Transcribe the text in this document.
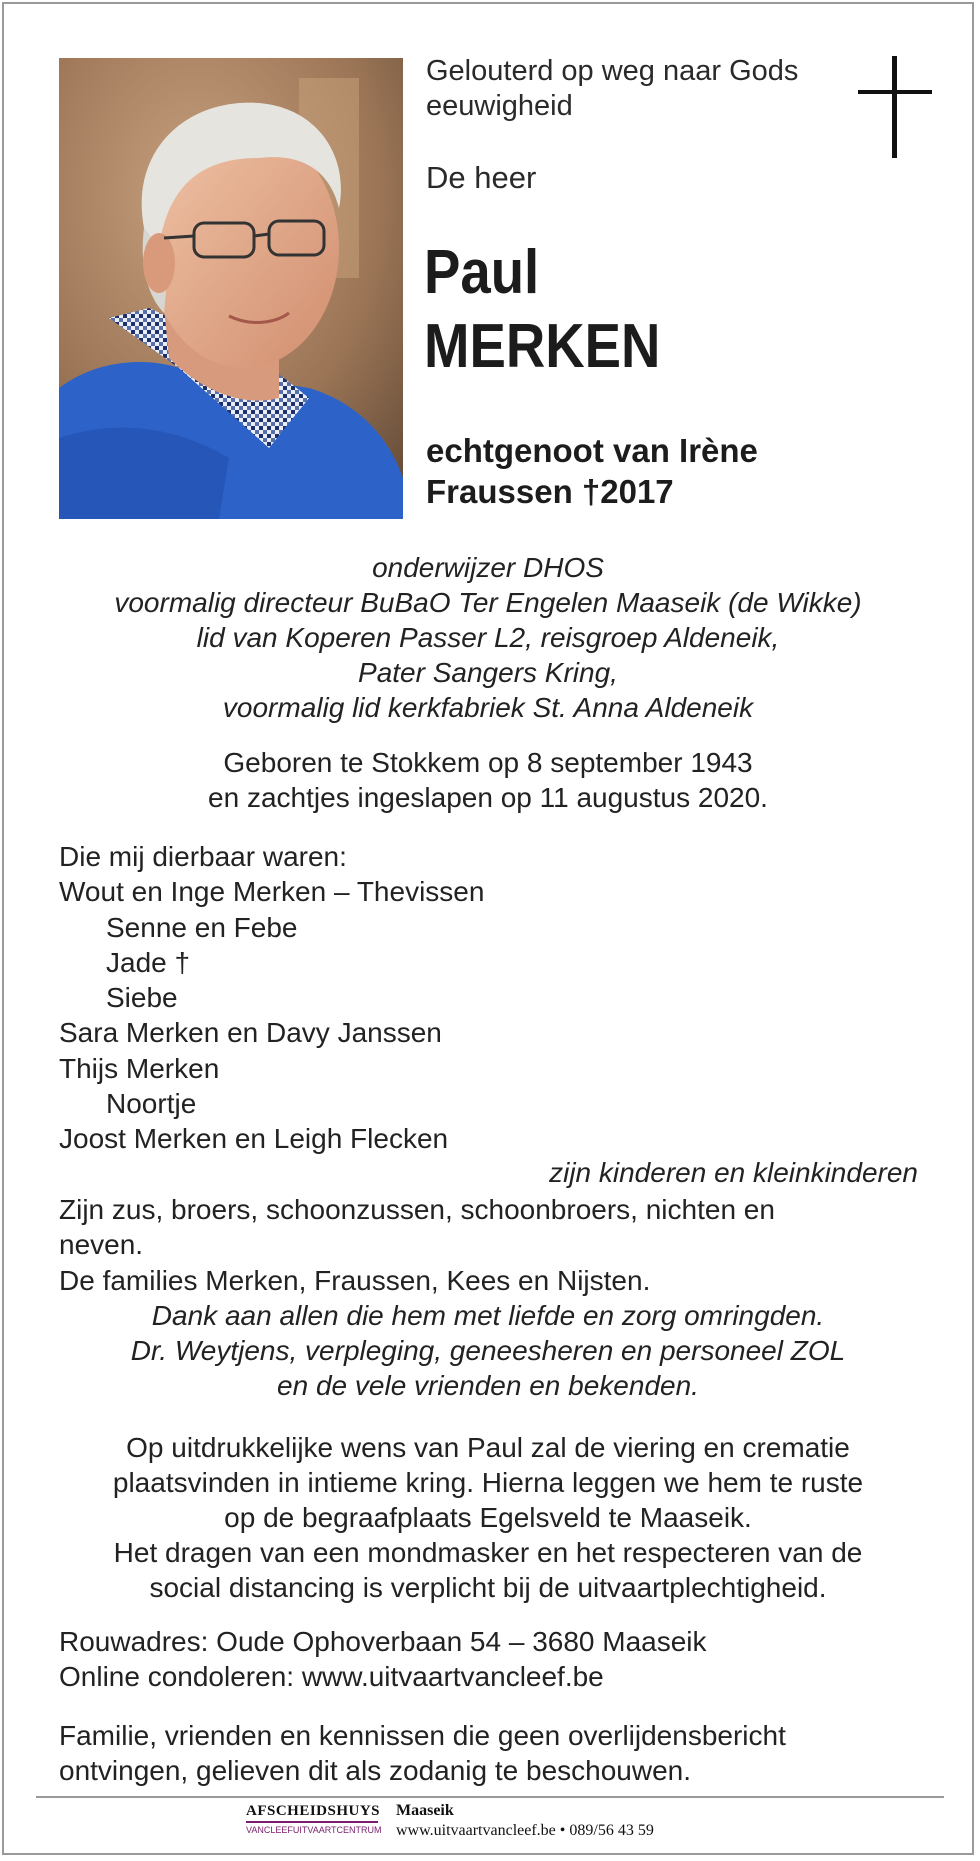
Gelouterd op weg naar Gods
eeuwigheid
De heer
Paul
MERKEN
echtgenoot van Irène
Fraussen †2017
onderwijzer DHOS
voormalig directeur BuBaO Ter Engelen Maaseik (de Wikke)
lid van Koperen Passer L2, reisgroep Aldeneik,
Pater Sangers Kring,
voormalig lid kerkfabriek St. Anna Aldeneik
Geboren te Stokkem op 8 september 1943
en zachtjes ingeslapen op 11 augustus 2020.
Die mij dierbaar waren:
Wout en Inge Merken – Thevissen
Senne en Febe
Jade †
Siebe
Sara Merken en Davy Janssen
Thijs Merken
Noortje
Joost Merken en Leigh Flecken
zijn kinderen en kleinkinderen
Zijn zus, broers, schoonzussen, schoonbroers, nichten en
neven.
De families Merken, Fraussen, Kees en Nijsten.
Dank aan allen die hem met liefde en zorg omringden.
Dr. Weytjens, verpleging, geneesheren en personeel ZOL
en de vele vrienden en bekenden.
Op uitdrukkelijke wens van Paul zal de viering en crematie
plaatsvinden in intieme kring. Hierna leggen we hem te ruste
op de begraafplaats Egelsveld te Maaseik.
Het dragen van een mondmasker en het respecteren van de
social distancing is verplicht bij de uitvaartplechtigheid.
Rouwadres: Oude Ophoverbaan 54 – 3680 Maaseik
Online condoleren: www.uitvaartvancleef.be
Familie, vrienden en kennissen die geen overlijdensbericht
ontvingen, gelieven dit als zodanig te beschouwen.
AFSCHEIDSHUYS
VANCLEEF UITVAARTCENTRUM
Maaseik
www.uitvaartvancleef.be • 089/56 43 59
